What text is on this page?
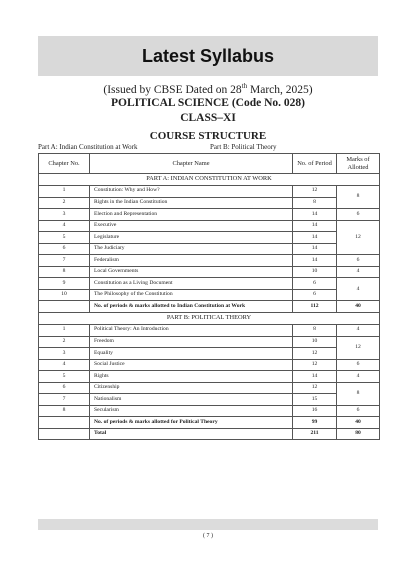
Latest Syllabus
(Issued by CBSE Dated on 28th March, 2025)
POLITICAL SCIENCE (Code No. 028)
CLASS–XI
COURSE STRUCTURE
Part A: Indian Constitution at Work	Part B: Political Theory
Chapter No.	Chapter Name	No. of Period	Marks of Allotted
PART A: INDIAN CONSTITUTION AT WORK			
1	Constitution: Why and How?	12	8
2	Rights in the Indian Constitution	8	
3	Election and Representation	14	6
4	Executive	14	12
5	Legislature	14	
6	The Judiciary	14	
7	Federalism	14	6
8	Local Governments	10	4
9	Constitution as a Living Document	6	4
10	The Philosophy of the Constitution	6	
	No. of periods & marks allotted to Indian Constitution at Work	112	40
PART B: POLITICAL THEORY			
1	Political Theory: An Introduction	8	4
2	Freedom	10	12
3	Equality	12	
4	Social Justice	12	6
5	Rights	14	4
6	Citizenship	12	8
7	Nationalism	15	
8	Secularism	16	6
	No. of periods & marks allotted for Political Theory	99	40
	Total	211	80
( 7 )
